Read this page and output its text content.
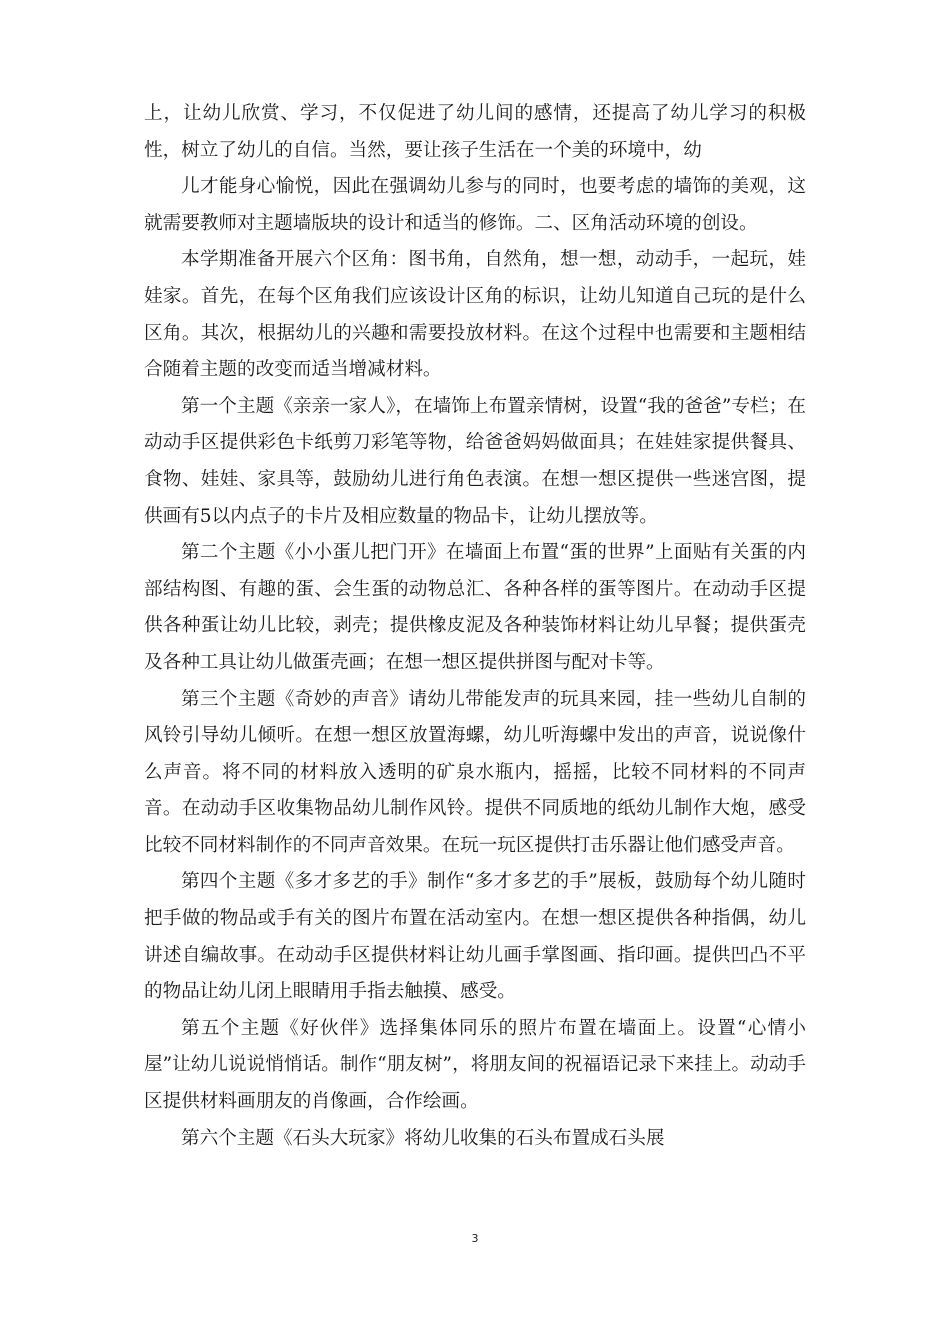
上，让幼儿欣赏、学习，不仅促进了幼儿间的感情，还提高了幼儿学习的积极性，树立了幼儿的自信。当然，要让孩子生活在一个美的环境中，幼

儿才能身心愉悦，因此在强调幼儿参与的同时，也要考虑的墙饰的美观，这就需要教师对主题墙版块的设计和适当的修饰。二、区角活动环境的创设。

本学期准备开展六个区角：图书角，自然角，想一想，动动手，一起玩，娃娃家。首先，在每个区角我们应该设计区角的标识，让幼儿知道自己玩的是什么区角。其次，根据幼儿的兴趣和需要投放材料。在这个过程中也需要和主题相结合随着主题的改变而适当增减材料。

第一个主题《亲亲一家人》，在墙饰上布置亲情树，设置“我的爸爸”专栏；在动动手区提供彩色卡纸剪刀彩笔等物，给爸爸妈妈做面具；在娃娃家提供餐具、食物、娃娃、家具等，鼓励幼儿进行角色表演。在想一想区提供一些迷宫图，提供画有5以内点子的卡片及相应数量的物品卡，让幼儿摆放等。

第二个主题《小小蛋儿把门开》在墙面上布置“蛋的世界”上面贴有关蛋的内部结构图、有趣的蛋、会生蛋的动物总汇、各种各样的蛋等图片。在动动手区提供各种蛋让幼儿比较，剥壳；提供橡皮泥及各种装饰材料让幼儿早餐；提供蛋壳及各种工具让幼儿做蛋壳画；在想一想区提供拼图与配对卡等。

第三个主题《奇妙的声音》请幼儿带能发声的玩具来园，挂一些幼儿自制的风铃引导幼儿倾听。在想一想区放置海螺，幼儿听海螺中发出的声音，说说像什么声音。将不同的材料放入透明的矿泉水瓶内，摇摇，比较不同材料的不同声音。在动动手区收集物品幼儿制作风铃。提供不同质地的纸幼儿制作大炮，感受比较不同材料制作的不同声音效果。在玩一玩区提供打击乐器让他们感受声音。

第四个主题《多才多艺的手》制作“多才多艺的手”展板，鼓励每个幼儿随时把手做的物品或手有关的图片布置在活动室内。在想一想区提供各种指偶，幼儿讲述自编故事。在动动手区提供材料让幼儿画手掌图画、指印画。提供凹凸不平的物品让幼儿闭上眼睛用手指去触摸、感受。

第五个主题《好伙伴》选择集体同乐的照片布置在墙面上。设置“心情小屋”让幼儿说说悄悄话。制作“朋友树”，将朋友间的祝福语记录下来挂上。动动手区提供材料画朋友的肖像画，合作绘画。

第六个主题《石头大玩家》将幼儿收集的石头布置成石头展

3
